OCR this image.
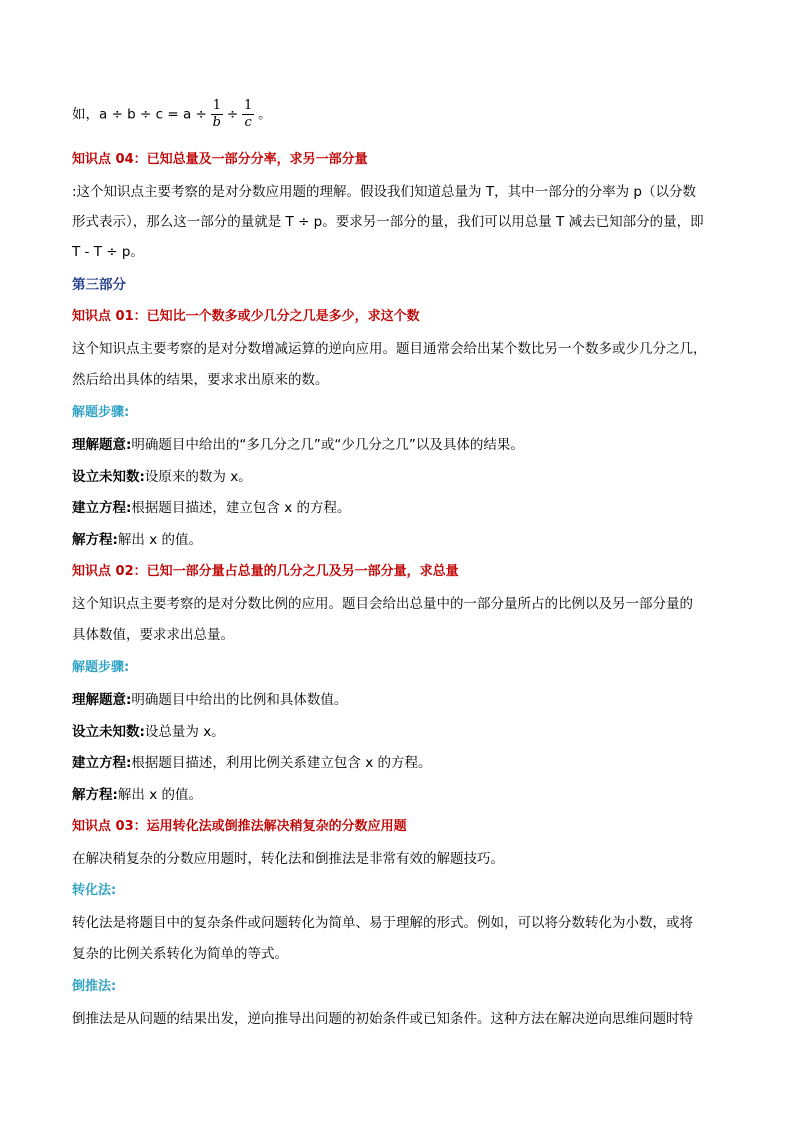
如，$a \div b \div c = a \div \frac{1}{b} \div \frac{1}{c}$ 。
知识点 04：已知总量及一部分分率，求另一部分量
:这个知识点主要考察的是对分数应用题的理解。假设我们知道总量为 T，其中一部分的分率为 p（以分数
形式表示），那么这一部分的量就是 T ÷ p。要求另一部分的量，我们可以用总量 T 减去已知部分的量，即
T - T ÷ p。
第三部分
知识点 01：已知比一个数多或少几分之几是多少，求这个数
这个知识点主要考察的是对分数增减运算的逆向应用。题目通常会给出某个数比另一个数多或少几分之几，
然后给出具体的结果，要求求出原来的数。
解题步骤:
理解题意:明确题目中给出的“多几分之几”或“少几分之几”以及具体的结果。
设立未知数:设原来的数为 x。
建立方程:根据题目描述，建立包含 x 的方程。
解方程:解出 x 的值。
知识点 02：已知一部分量占总量的几分之几及另一部分量，求总量
这个知识点主要考察的是对分数比例的应用。题目会给出总量中的一部分量所占的比例以及另一部分量的
具体数值，要求求出总量。
解题步骤:
理解题意:明确题目中给出的比例和具体数值。
设立未知数:设总量为 x。
建立方程:根据题目描述，利用比例关系建立包含 x 的方程。
解方程:解出 x 的值。
知识点 03：运用转化法或倒推法解决稍复杂的分数应用题
在解决稍复杂的分数应用题时，转化法和倒推法是非常有效的解题技巧。
转化法:
转化法是将题目中的复杂条件或问题转化为简单、易于理解的形式。例如，可以将分数转化为小数，或将
复杂的比例关系转化为简单的等式。
倒推法:
倒推法是从问题的结果出发，逆向推导出问题的初始条件或已知条件。这种方法在解决逆向思维问题时特
